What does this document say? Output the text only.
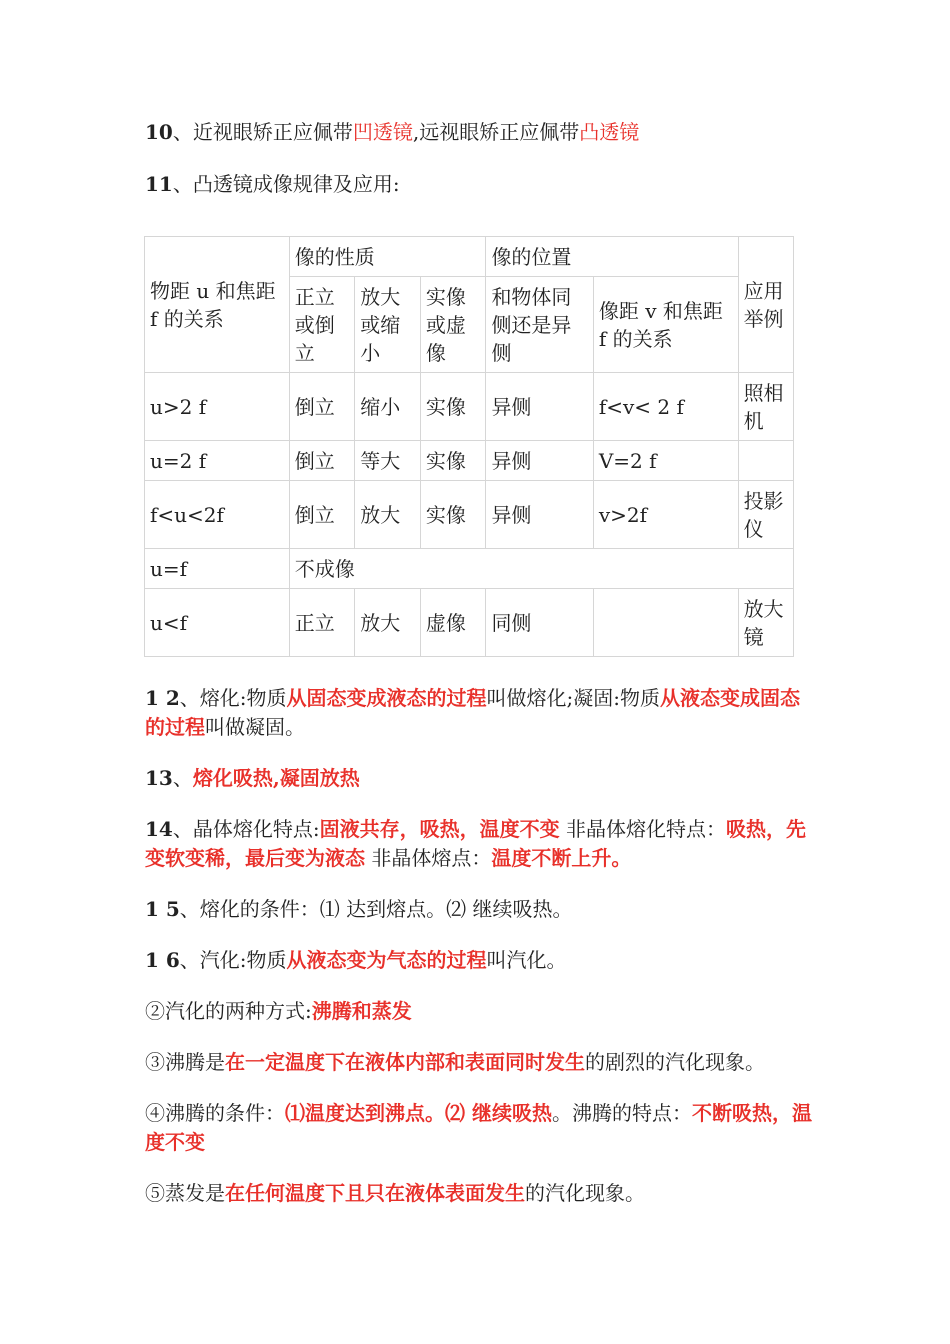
10、近视眼矫正应佩带凹透镜,远视眼矫正应佩带凸透镜
11、凸透镜成像规律及应用:
物距 u 和焦距 f 的关系	像的性质			像的位置		应用举例
	正立或倒立	放大或缩小	实像或虚像	和物体同侧还是异侧	像距 v 和焦距 f 的关系	
u>2 f	倒立	缩小	实像	异侧	f<v< 2 f	照相机
u=2 f	倒立	等大	实像	异侧	V=2 f	
f<u<2f	倒立	放大	实像	异侧	v>2f	投影仪
u=f	不成像					
u<f	正立	放大	虚像	同侧		放大镜
1 2、熔化:物质从固态变成液态的过程叫做熔化;凝固:物质从液态变成固态的过程叫做凝固。
13、熔化吸热,凝固放热
14、晶体熔化特点:固液共存，吸热，温度不变 非晶体熔化特点：吸热，先变软变稀，最后变为液态 非晶体熔点：温度不断上升。
1 5、熔化的条件：⑴ 达到熔点。⑵ 继续吸热。
1 6、汽化:物质从液态变为气态的过程叫汽化。
②汽化的两种方式:沸腾和蒸发
③沸腾是在一定温度下在液体内部和表面同时发生的剧烈的汽化现象。
④沸腾的条件：⑴温度达到沸点。⑵ 继续吸热。沸腾的特点：不断吸热，温度不变
⑤蒸发是在任何温度下且只在液体表面发生的汽化现象。
